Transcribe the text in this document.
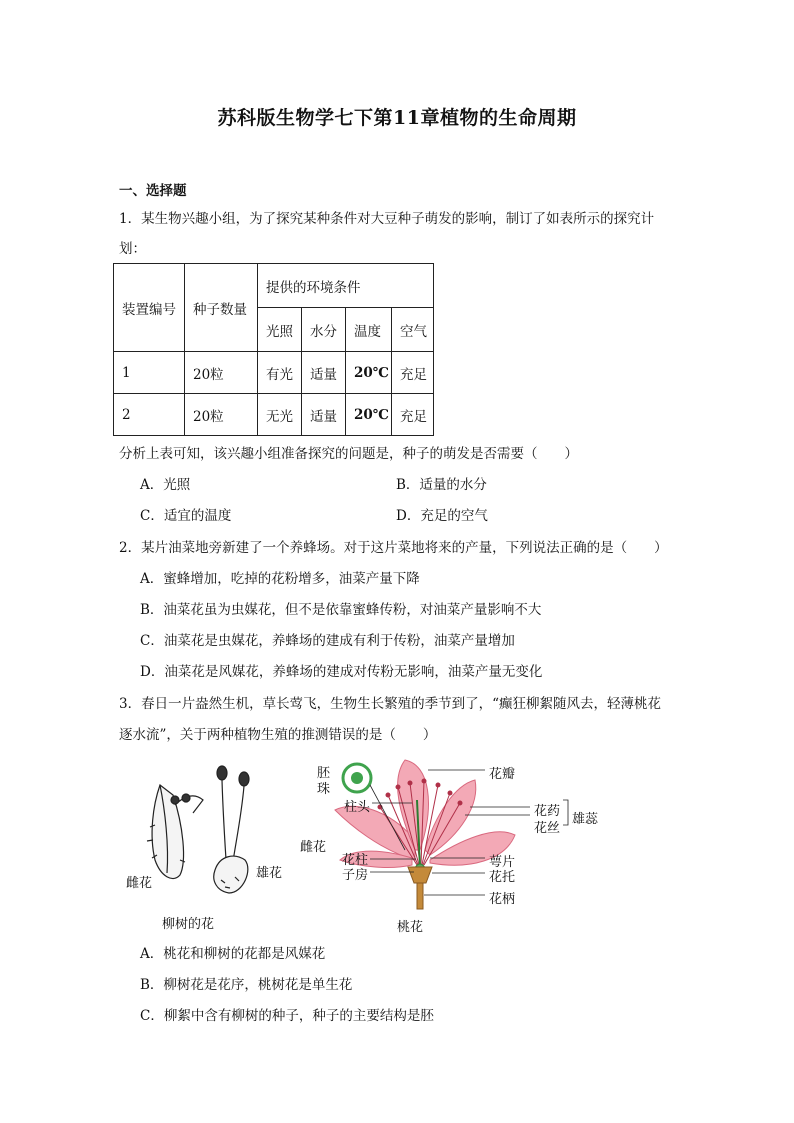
苏科版生物学七下第11章植物的生命周期
一、选择题
1．某生物兴趣小组，为了探究某种条件对大豆种子萌发的影响，制订了如表所示的探究计
划：
装置编号	种子数量	提供的环境条件			
		光照	水分	温度	空气
1	20粒	有光	适量	20℃	充足
2	20粒	无光	适量	20℃	充足
分析上表可知，该兴趣小组准备探究的问题是，种子的萌发是否需要（　　）
A．光照	B．适量的水分
C．适宜的温度	D．充足的空气
2．某片油菜地旁新建了一个养蜂场。对于这片菜地将来的产量，下列说法正确的是（　　）
A．蜜蜂增加，吃掉的花粉增多，油菜产量下降
B．油菜花虽为虫媒花，但不是依靠蜜蜂传粉，对油菜产量影响不大
C．油菜花是虫媒花，养蜂场的建成有利于传粉，油菜产量增加
D．油菜花是风媒花，养蜂场的建成对传粉无影响，油菜产量无变化
3．春日一片盎然生机，草长莺飞，生物生长繁殖的季节到了，“癫狂柳絮随风去，轻薄桃花
逐水流”，关于两种植物生殖的推测错误的是（　　）
雌花
雄花
柳树的花
胚
珠
花瓣
柱头	花药
花丝
雄蕊
雌花
花柱
子房
萼片
花托
花柄
桃花
A．桃花和柳树的花都是风媒花
B．柳树花是花序，桃树花是单生花
C．柳絮中含有柳树的种子，种子的主要结构是胚
